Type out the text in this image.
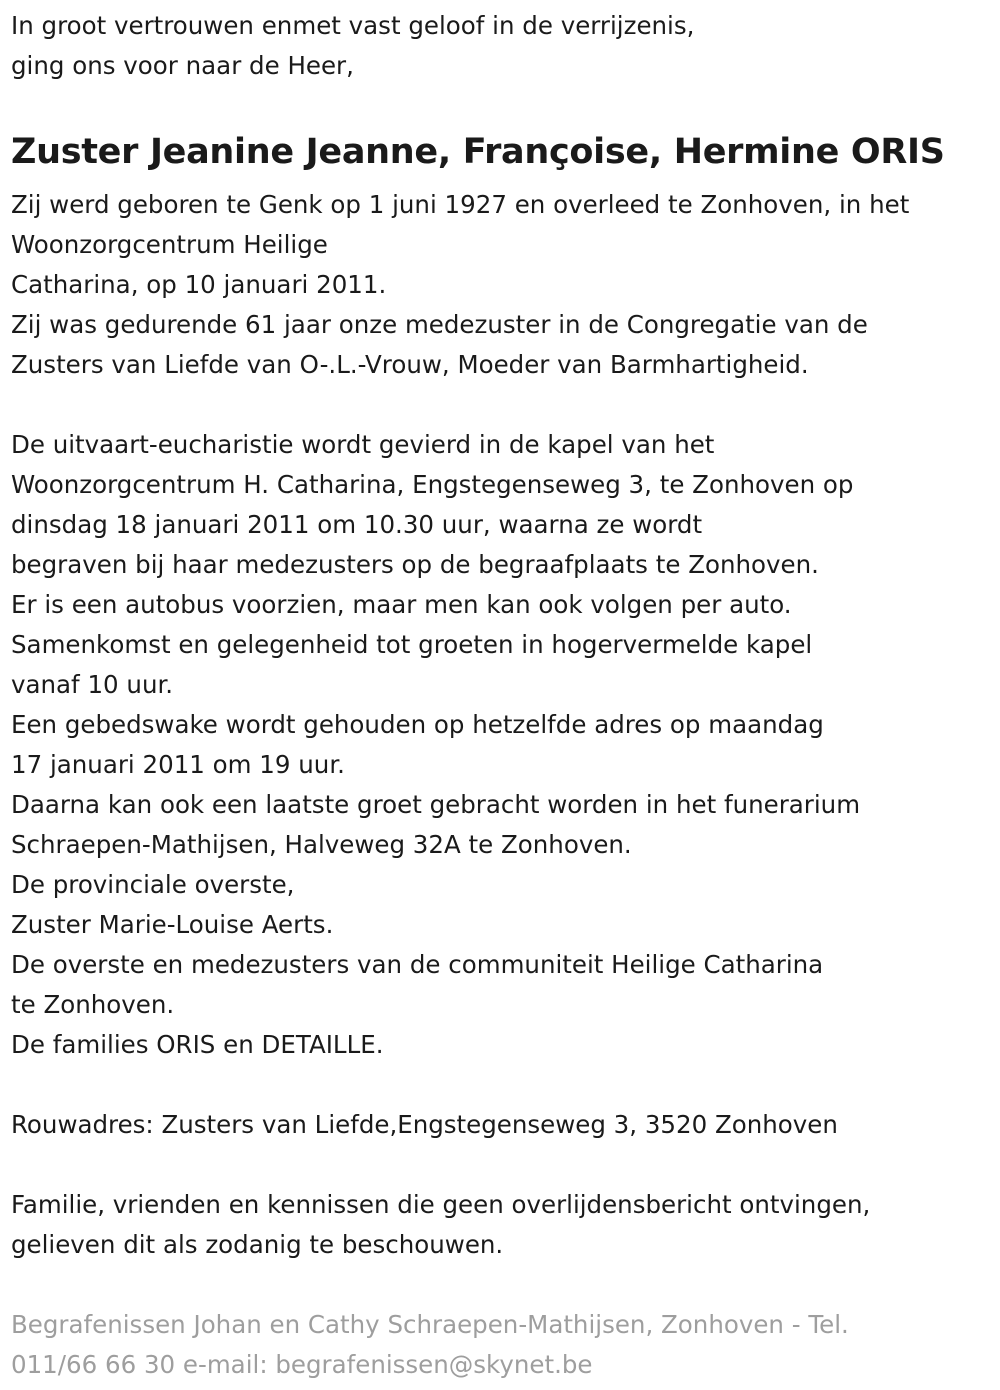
In groot vertrouwen enmet vast geloof in de verrijzenis,
ging ons voor naar de Heer,
Zuster Jeanine Jeanne, Françoise, Hermine ORIS
Zij werd geboren te Genk op 1 juni 1927 en overleed te Zonhoven, in het
Woonzorgcentrum Heilige
Catharina, op 10 januari 2011.
Zij was gedurende 61 jaar onze medezuster in de Congregatie van de
Zusters van Liefde van O-.L.-Vrouw, Moeder van Barmhartigheid.
De uitvaart-eucharistie wordt gevierd in de kapel van het
Woonzorgcentrum H. Catharina, Engstegenseweg 3, te Zonhoven op
dinsdag 18 januari 2011 om 10.30 uur, waarna ze wordt
begraven bij haar medezusters op de begraafplaats te Zonhoven.
Er is een autobus voorzien, maar men kan ook volgen per auto.
Samenkomst en gelegenheid tot groeten in hogervermelde kapel
vanaf 10 uur.
Een gebedswake wordt gehouden op hetzelfde adres op maandag
17 januari 2011 om 19 uur.
Daarna kan ook een laatste groet gebracht worden in het funerarium
Schraepen-Mathijsen, Halveweg 32A te Zonhoven.
De provinciale overste,
Zuster Marie-Louise Aerts.
De overste en medezusters van de communiteit Heilige Catharina
te Zonhoven.
De families ORIS en DETAILLE.
Rouwadres: Zusters van Liefde,Engstegenseweg 3, 3520 Zonhoven
Familie, vrienden en kennissen die geen overlijdensbericht ontvingen,
gelieven dit als zodanig te beschouwen.
Begrafenissen Johan en Cathy Schraepen-Mathijsen, Zonhoven - Tel.
011/66 66 30 e-mail: begrafenissen@skynet.be
